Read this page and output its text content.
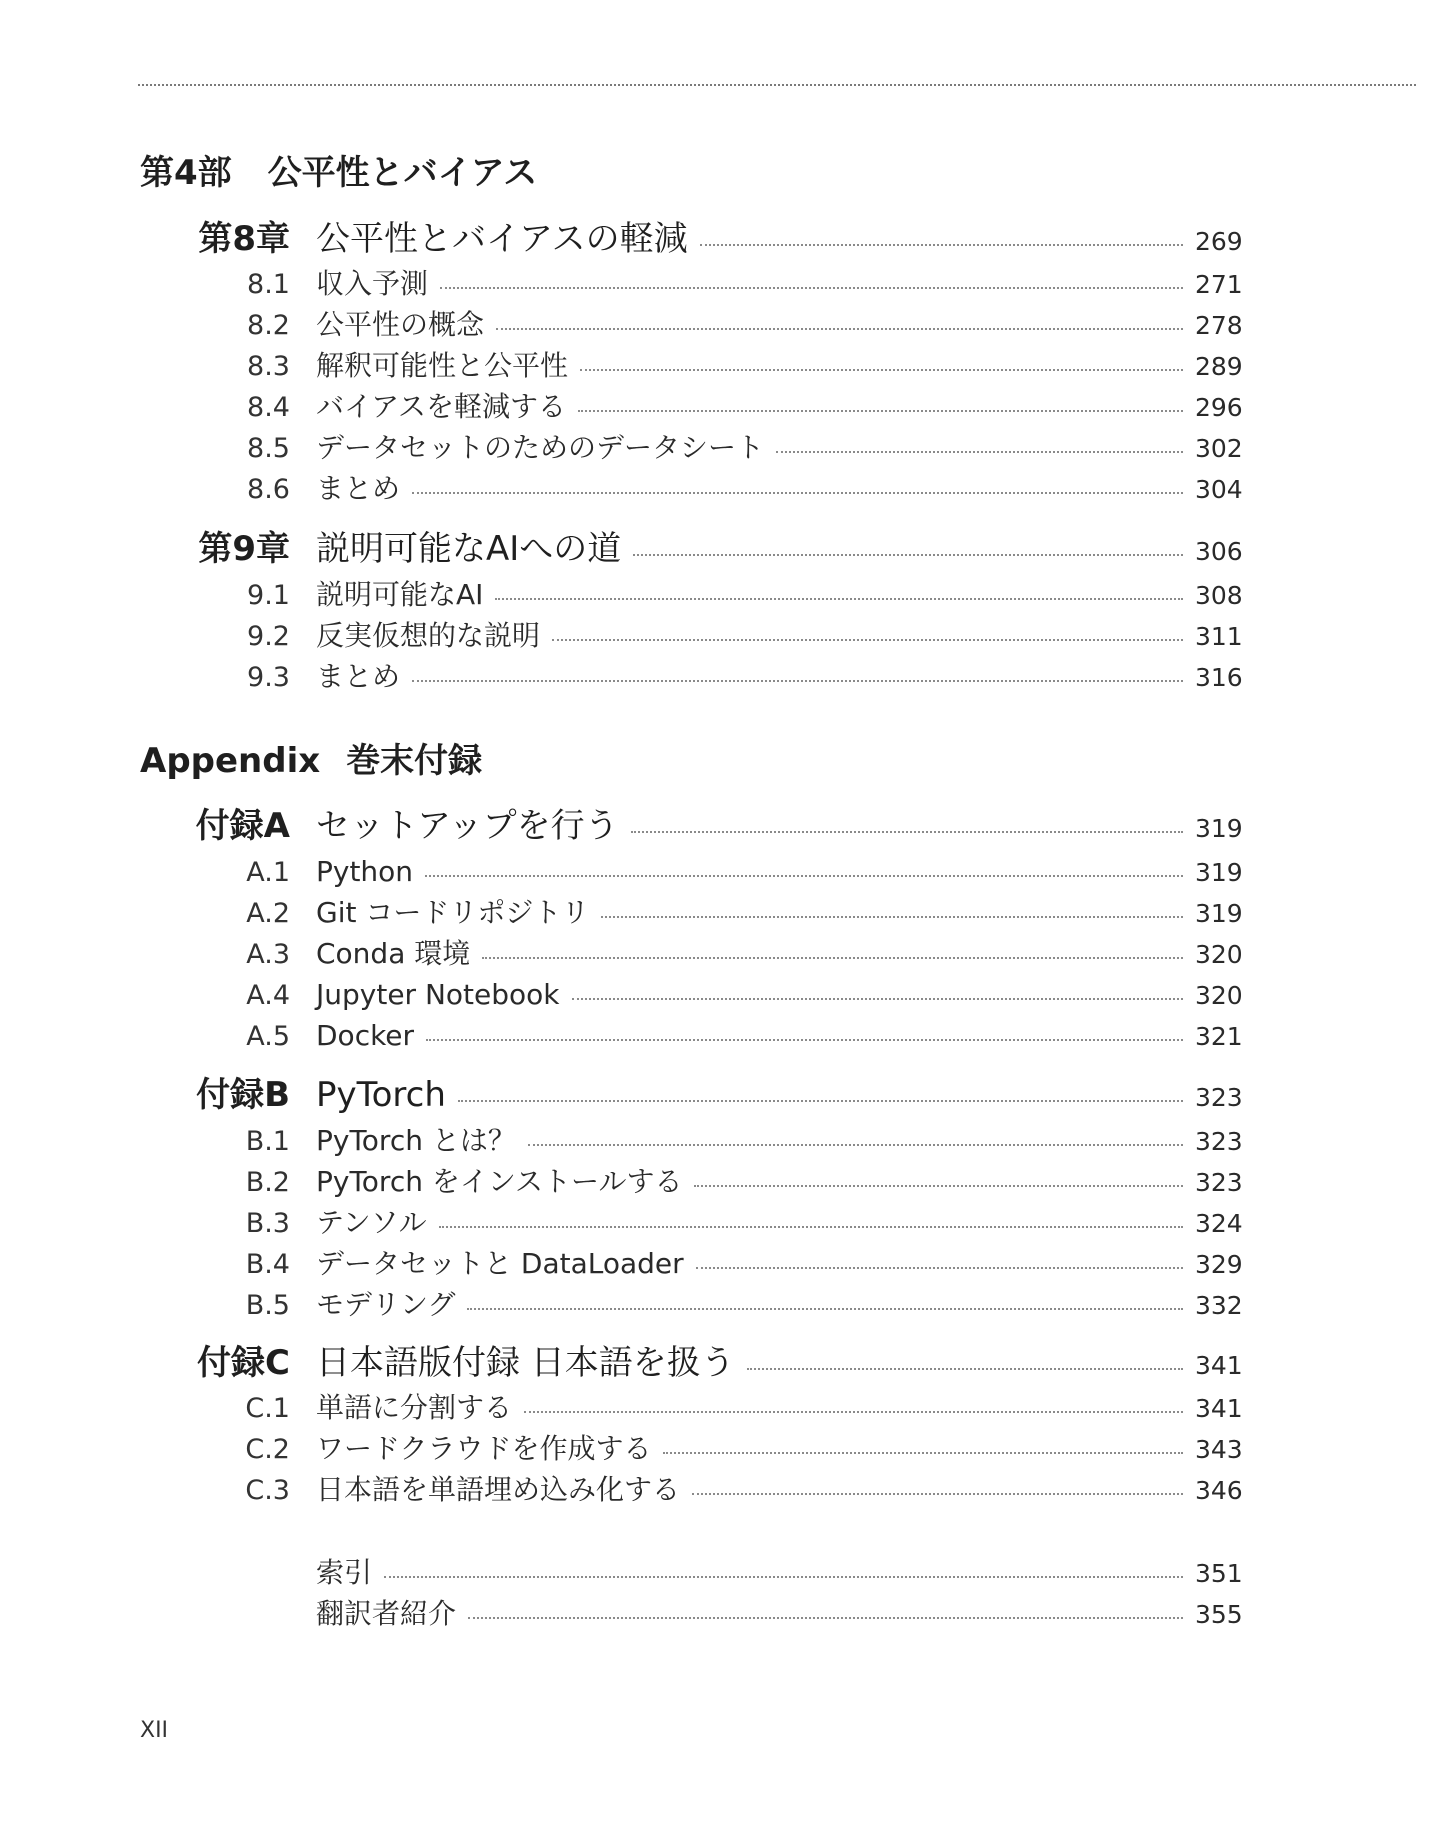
第4部 公平性とバイアス
第8章 公平性とバイアスの軽減	269
8.1 収入予測	271
8.2 公平性の概念	278
8.3 解釈可能性と公平性	289
8.4 バイアスを軽減する	296
8.5 データセットのためのデータシート	302
8.6 まとめ	304
第9章 説明可能なAIへの道	306
9.1 説明可能なAI	308
9.2 反実仮想的な説明	311
9.3 まとめ	316
Appendix 巻末付録
付録A セットアップを行う	319
A.1 Python	319
A.2 Git コードリポジトリ	319
A.3 Conda 環境	320
A.4 Jupyter Notebook	320
A.5 Docker	321
付録B PyTorch	323
B.1 PyTorch とは？	323
B.2 PyTorch をインストールする	323
B.3 テンソル	324
B.4 データセットと DataLoader	329
B.5 モデリング	332
付録C 日本語版付録 日本語を扱う	341
C.1 単語に分割する	341
C.2 ワードクラウドを作成する	343
C.3 日本語を単語埋め込み化する	346
索引	351
翻訳者紹介	355
XII
